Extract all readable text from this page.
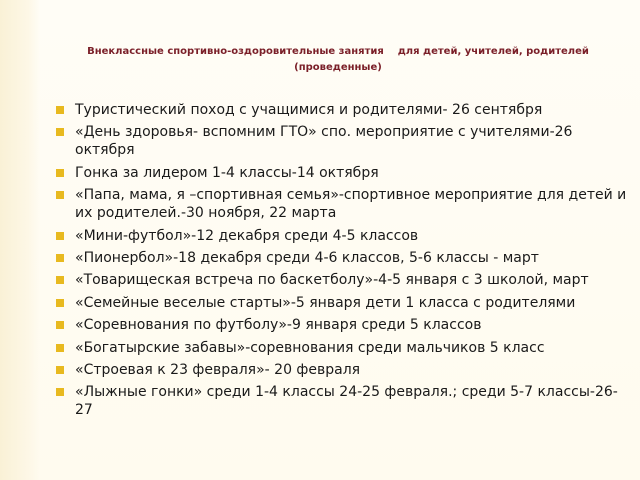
Внеклассные спортивно-оздоровительные занятия    для детей, учителей, родителей
(проведенные)
Туристический поход с учащимися и родителями- 26 сентября
«День здоровья- вспомним ГТО» спо. мероприятие с учителями-26 октября
Гонка за лидером 1-4 классы-14 октября
«Папа, мама, я –спортивная семья»-спортивное мероприятие для детей и их родителей.-30 ноября, 22 марта
«Мини-футбол»-12 декабря среди 4-5 классов
«Пионербол»-18 декабря среди 4-6 классов, 5-6 классы - март
«Товарищеская встреча по баскетболу»-4-5 января с 3 школой, март
«Семейные веселые старты»-5 января дети 1 класса с родителями
«Соревнования по футболу»-9 января среди 5 классов
«Богатырские забавы»-соревнования среди мальчиков 5 класс
«Строевая к 23 февраля»- 20 февраля
«Лыжные гонки» среди 1-4 классы 24-25 февраля.; среди 5-7 классы-26-27
